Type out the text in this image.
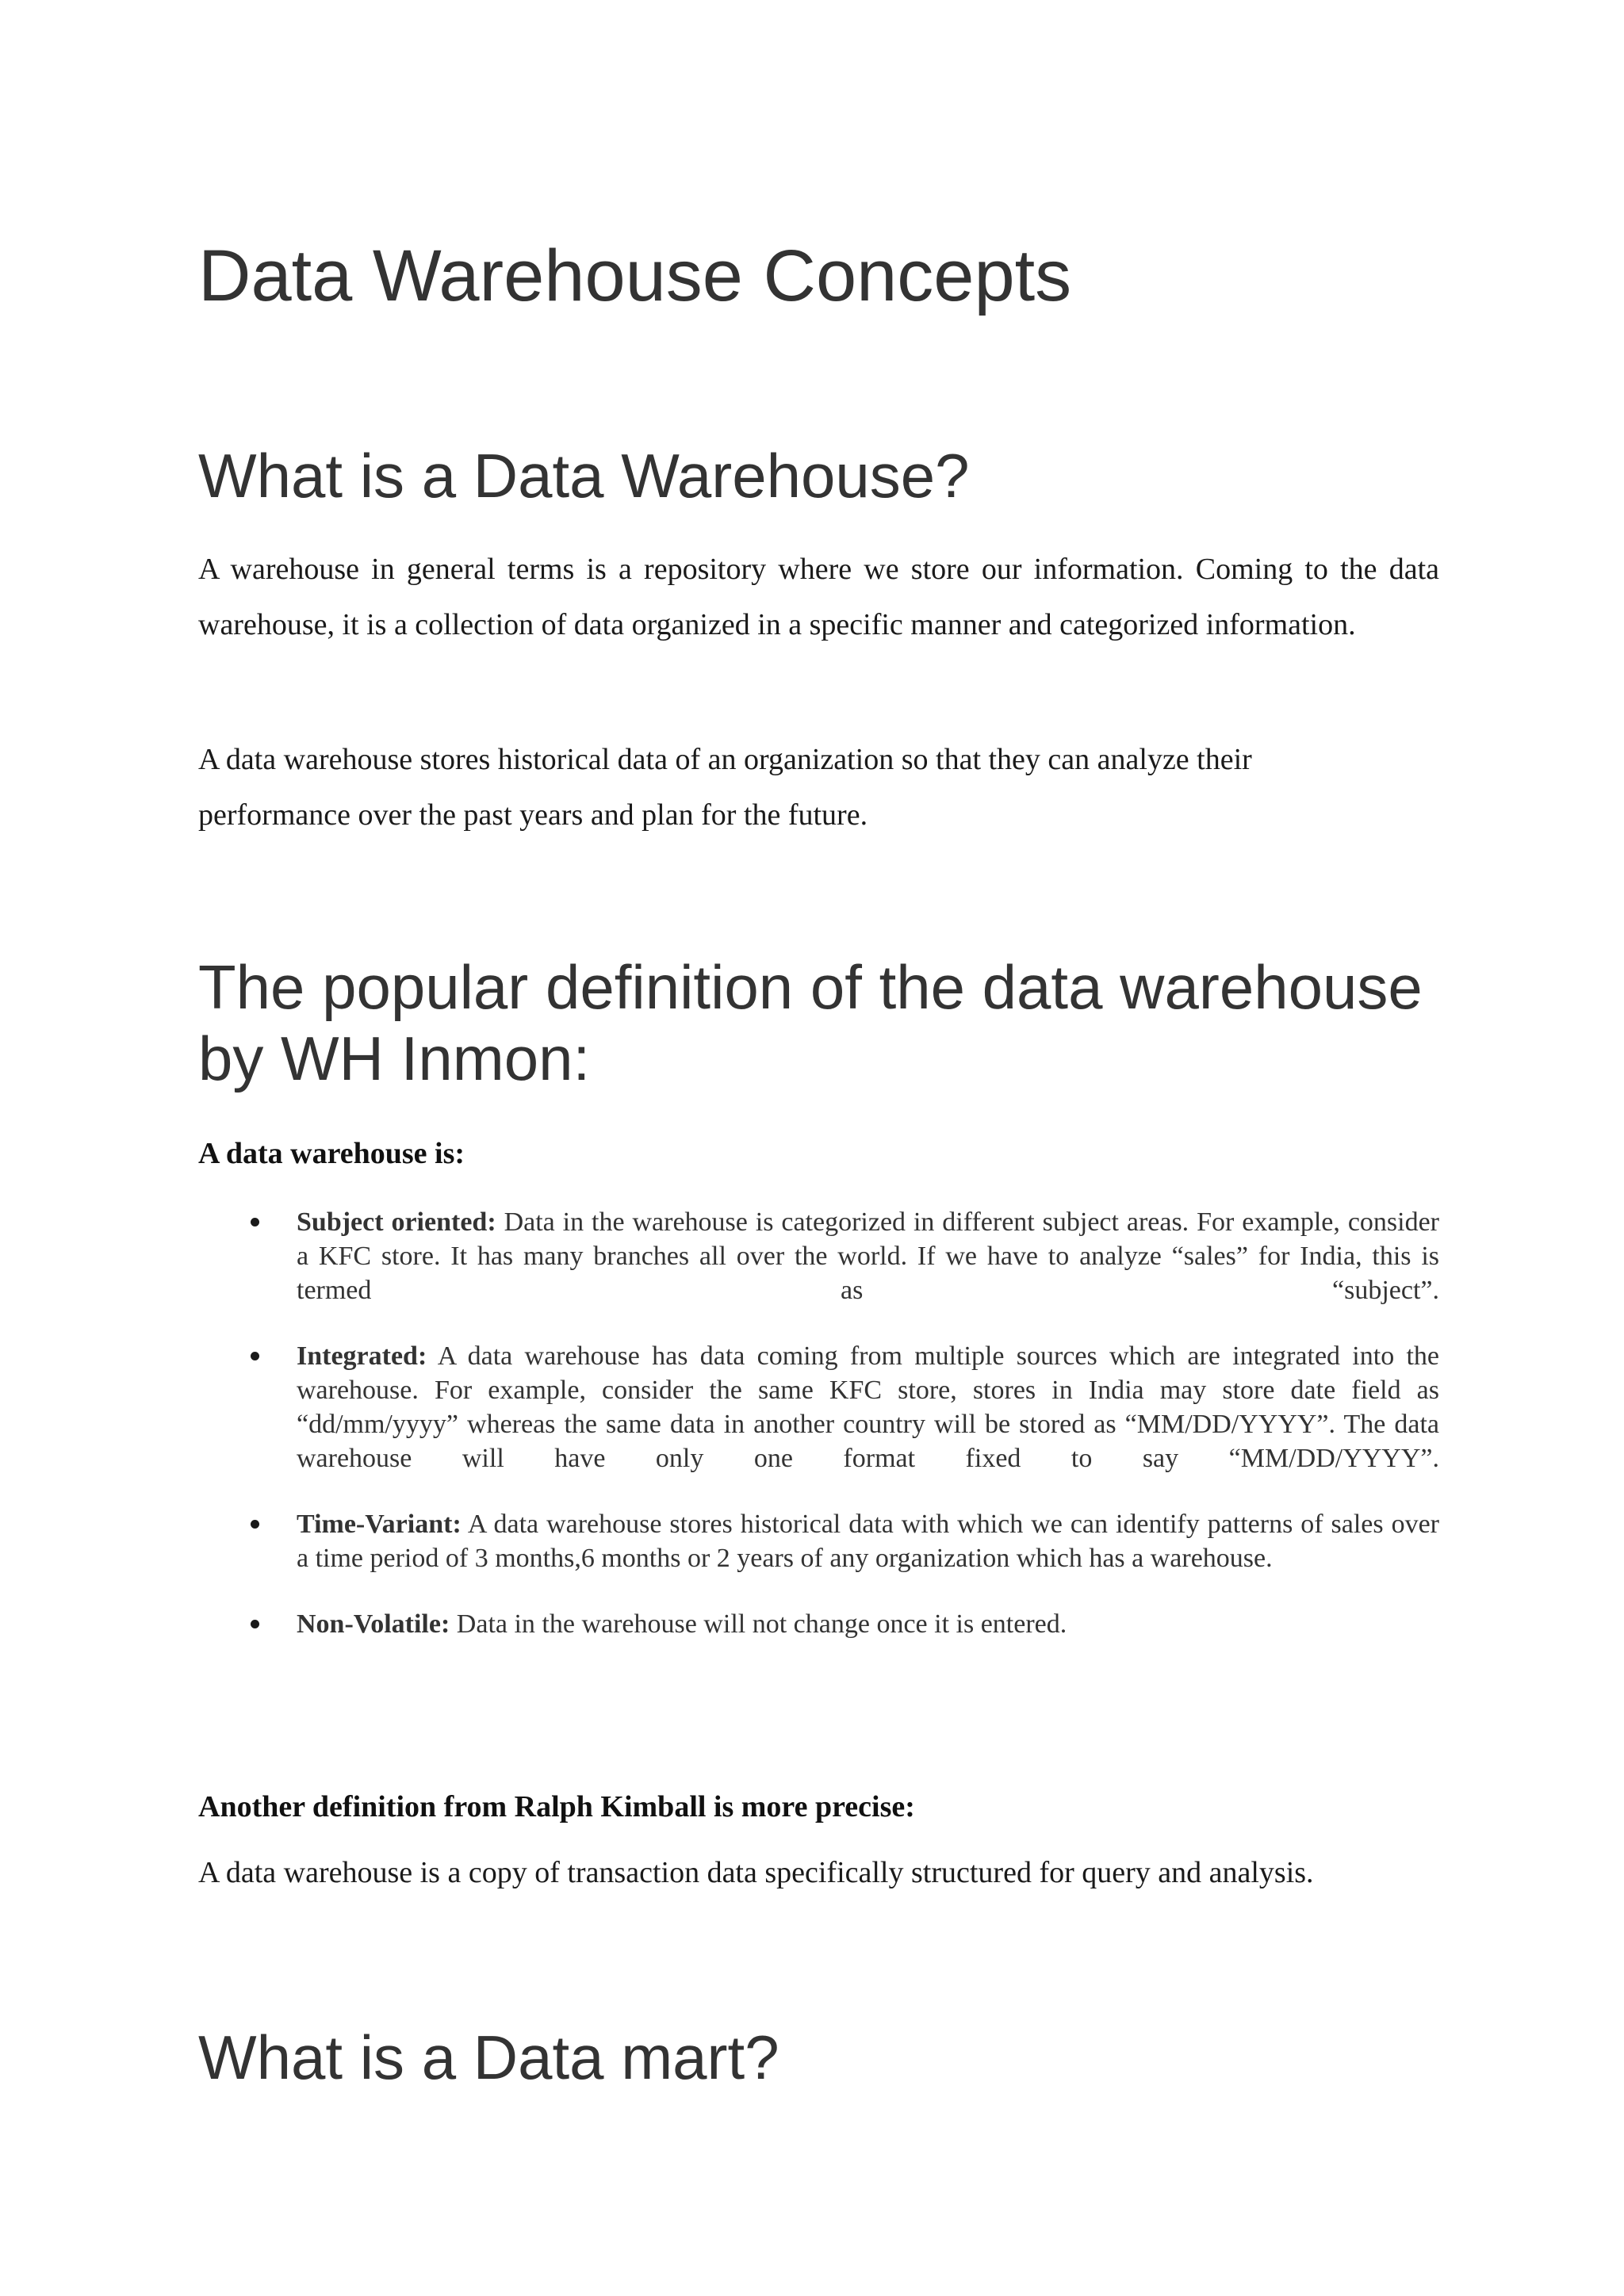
Data Warehouse Concepts
What is a Data Warehouse?

A warehouse in general terms is a repository where we store our information. Coming to the data warehouse, it is a collection of data organized in a specific manner and categorized information.

A data warehouse stores historical data of an organization so that they can analyze their performance over the past years and plan for the future.

The popular definition of the data warehouse by WH Inmon:

A data warehouse is:

Subject oriented: Data in the warehouse is categorized in different subject areas. For example, consider a KFC store. It has many branches all over the world. If we have to analyze “sales” for India, this is termed as “subject”.
Integrated: A data warehouse has data coming from multiple sources which are integrated into the warehouse. For example, consider the same KFC store, stores in India may store date field as “dd/mm/yyyy” whereas the same data in another country will be stored as “MM/DD/YYYY”. The data warehouse will have only one format fixed to say “MM/DD/YYYY”.
Time-Variant: A data warehouse stores historical data with which we can identify patterns of sales over a time period of 3 months,6 months or 2 years of any organization which has a warehouse.
Non-Volatile: Data in the warehouse will not change once it is entered.

Another definition from Ralph Kimball is more precise:

A data warehouse is a copy of transaction data specifically structured for query and analysis.

What is a Data mart?
